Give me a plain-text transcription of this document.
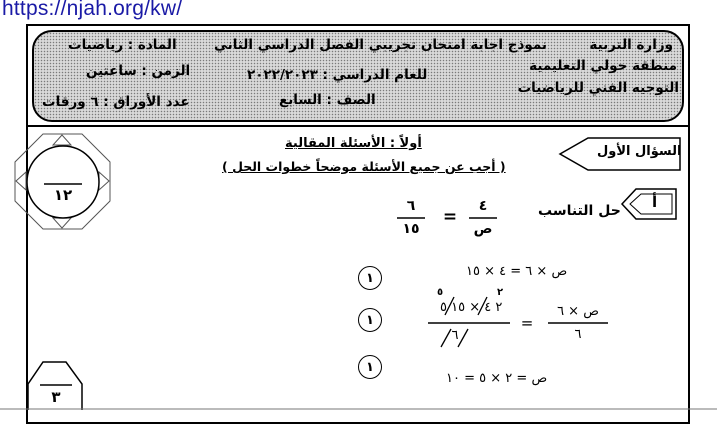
https://njah.org/kw/
وزارة التربية
منطقة حولي التعليمية
التوجيه الفني للرياضيات
نموذج اجابة امتحان تجريبي الفصل الدراسي الثاني
للعام الدراسي : ٢٠٢٢/٢٠٢٣
الصف : السابع
المادة : رياضيات
الزمن : ساعتين
عدد الأوراق : ٦ ورقات
١٢
٣
السؤال الأول
أولاً : الأسئلة المقالية
( أجب عن جميع الأسئلة موضحاً خطوات الحل )
أ
حل التناسب
٤
ص
=
٦
١٥
ص × ٦ = ٤ × ١٥
ص × ٦
٦
=
٢ ٤ × ١٥ ٥
٥	٢
٦
ص = ٢ × ٥ = ١٠
١
١
١
